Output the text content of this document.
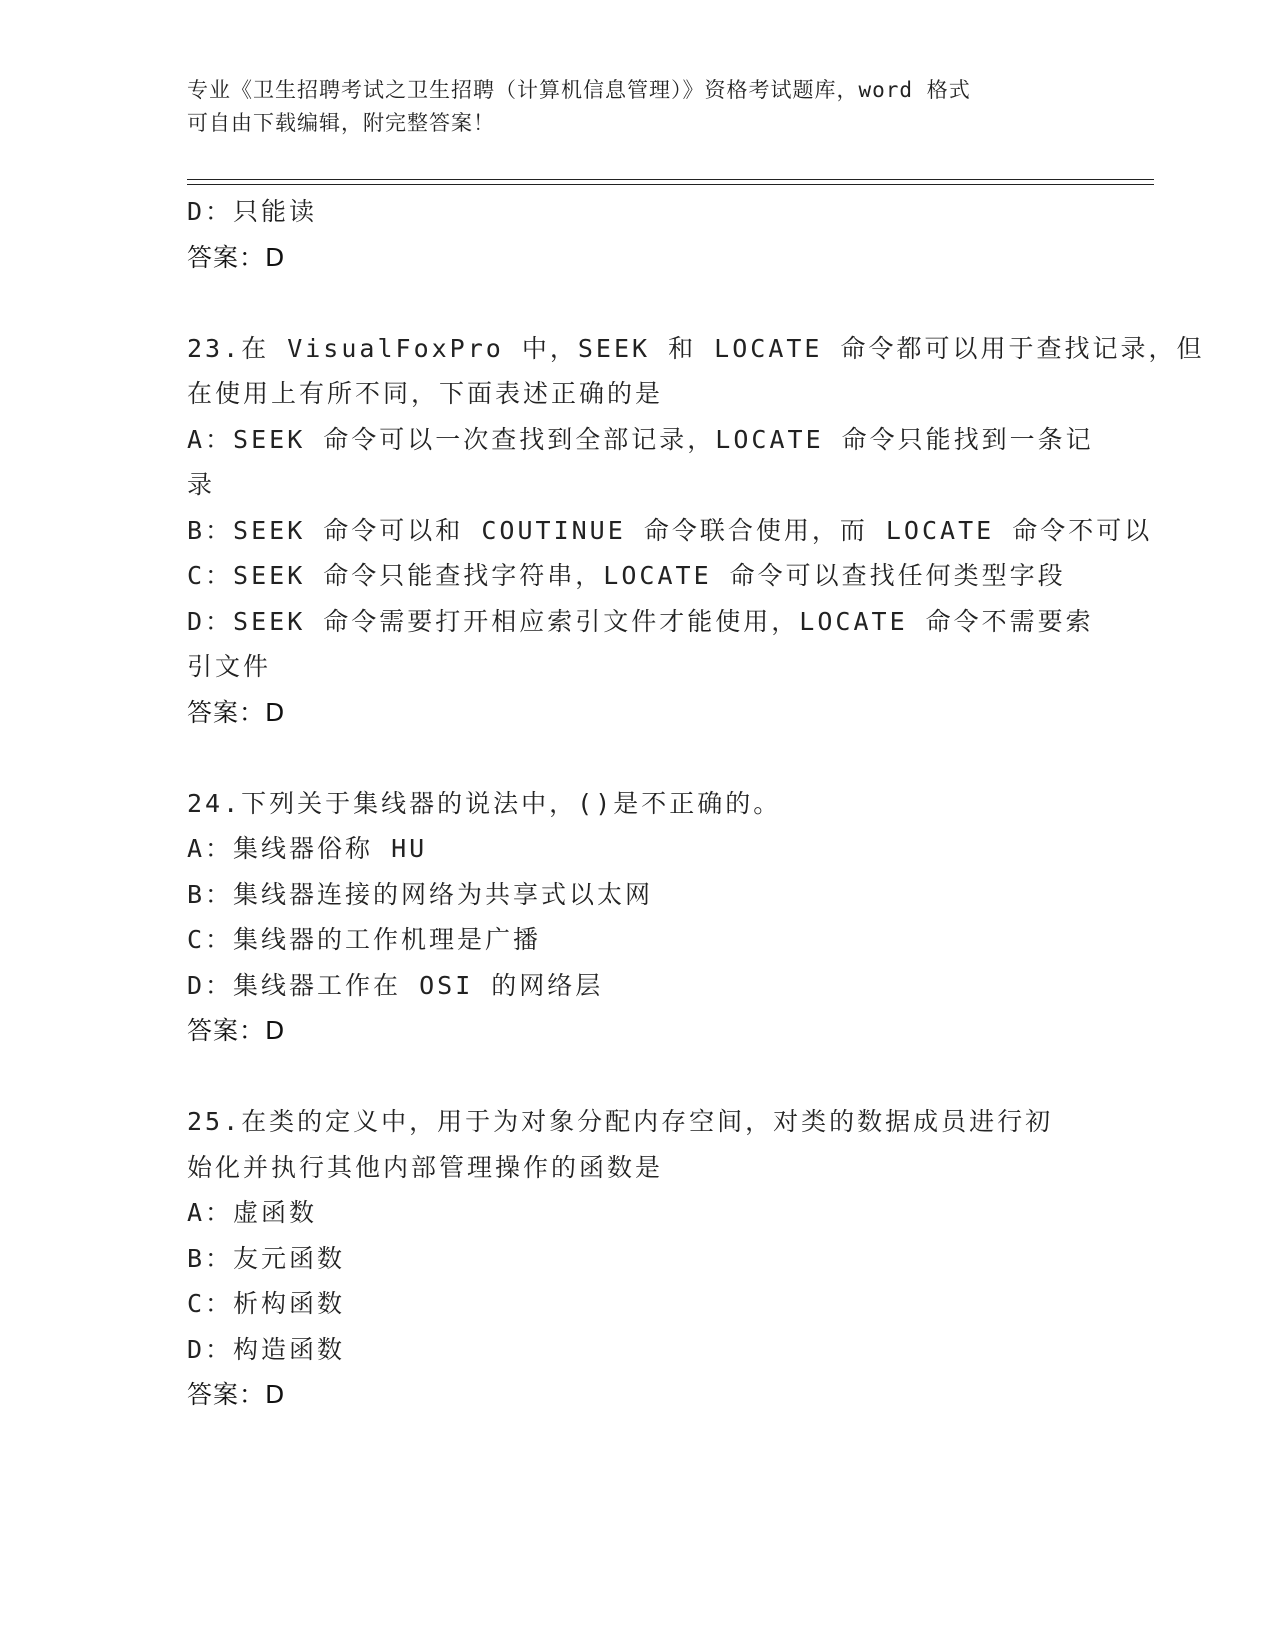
专业《卫生招聘考试之卫生招聘（计算机信息管理）》资格考试题库，word 格式
可自由下载编辑，附完整答案！
D：只能读
答案：D
23.在 VisualFoxPro 中，SEEK 和 LOCATE 命令都可以用于查找记录，但
在使用上有所不同，下面表述正确的是
A：SEEK 命令可以一次查找到全部记录，LOCATE 命令只能找到一条记
录
B：SEEK 命令可以和 COUTINUE 命令联合使用，而 LOCATE 命令不可以
C：SEEK 命令只能查找字符串，LOCATE 命令可以查找任何类型字段
D：SEEK 命令需要打开相应索引文件才能使用，LOCATE 命令不需要索
引文件
答案：D
24.下列关于集线器的说法中，()是不正确的。
A：集线器俗称 HU
B：集线器连接的网络为共享式以太网
C：集线器的工作机理是广播
D：集线器工作在 OSI 的网络层
答案：D
25.在类的定义中，用于为对象分配内存空间，对类的数据成员进行初
始化并执行其他内部管理操作的函数是
A：虚函数
B：友元函数
C：析构函数
D：构造函数
答案：D
